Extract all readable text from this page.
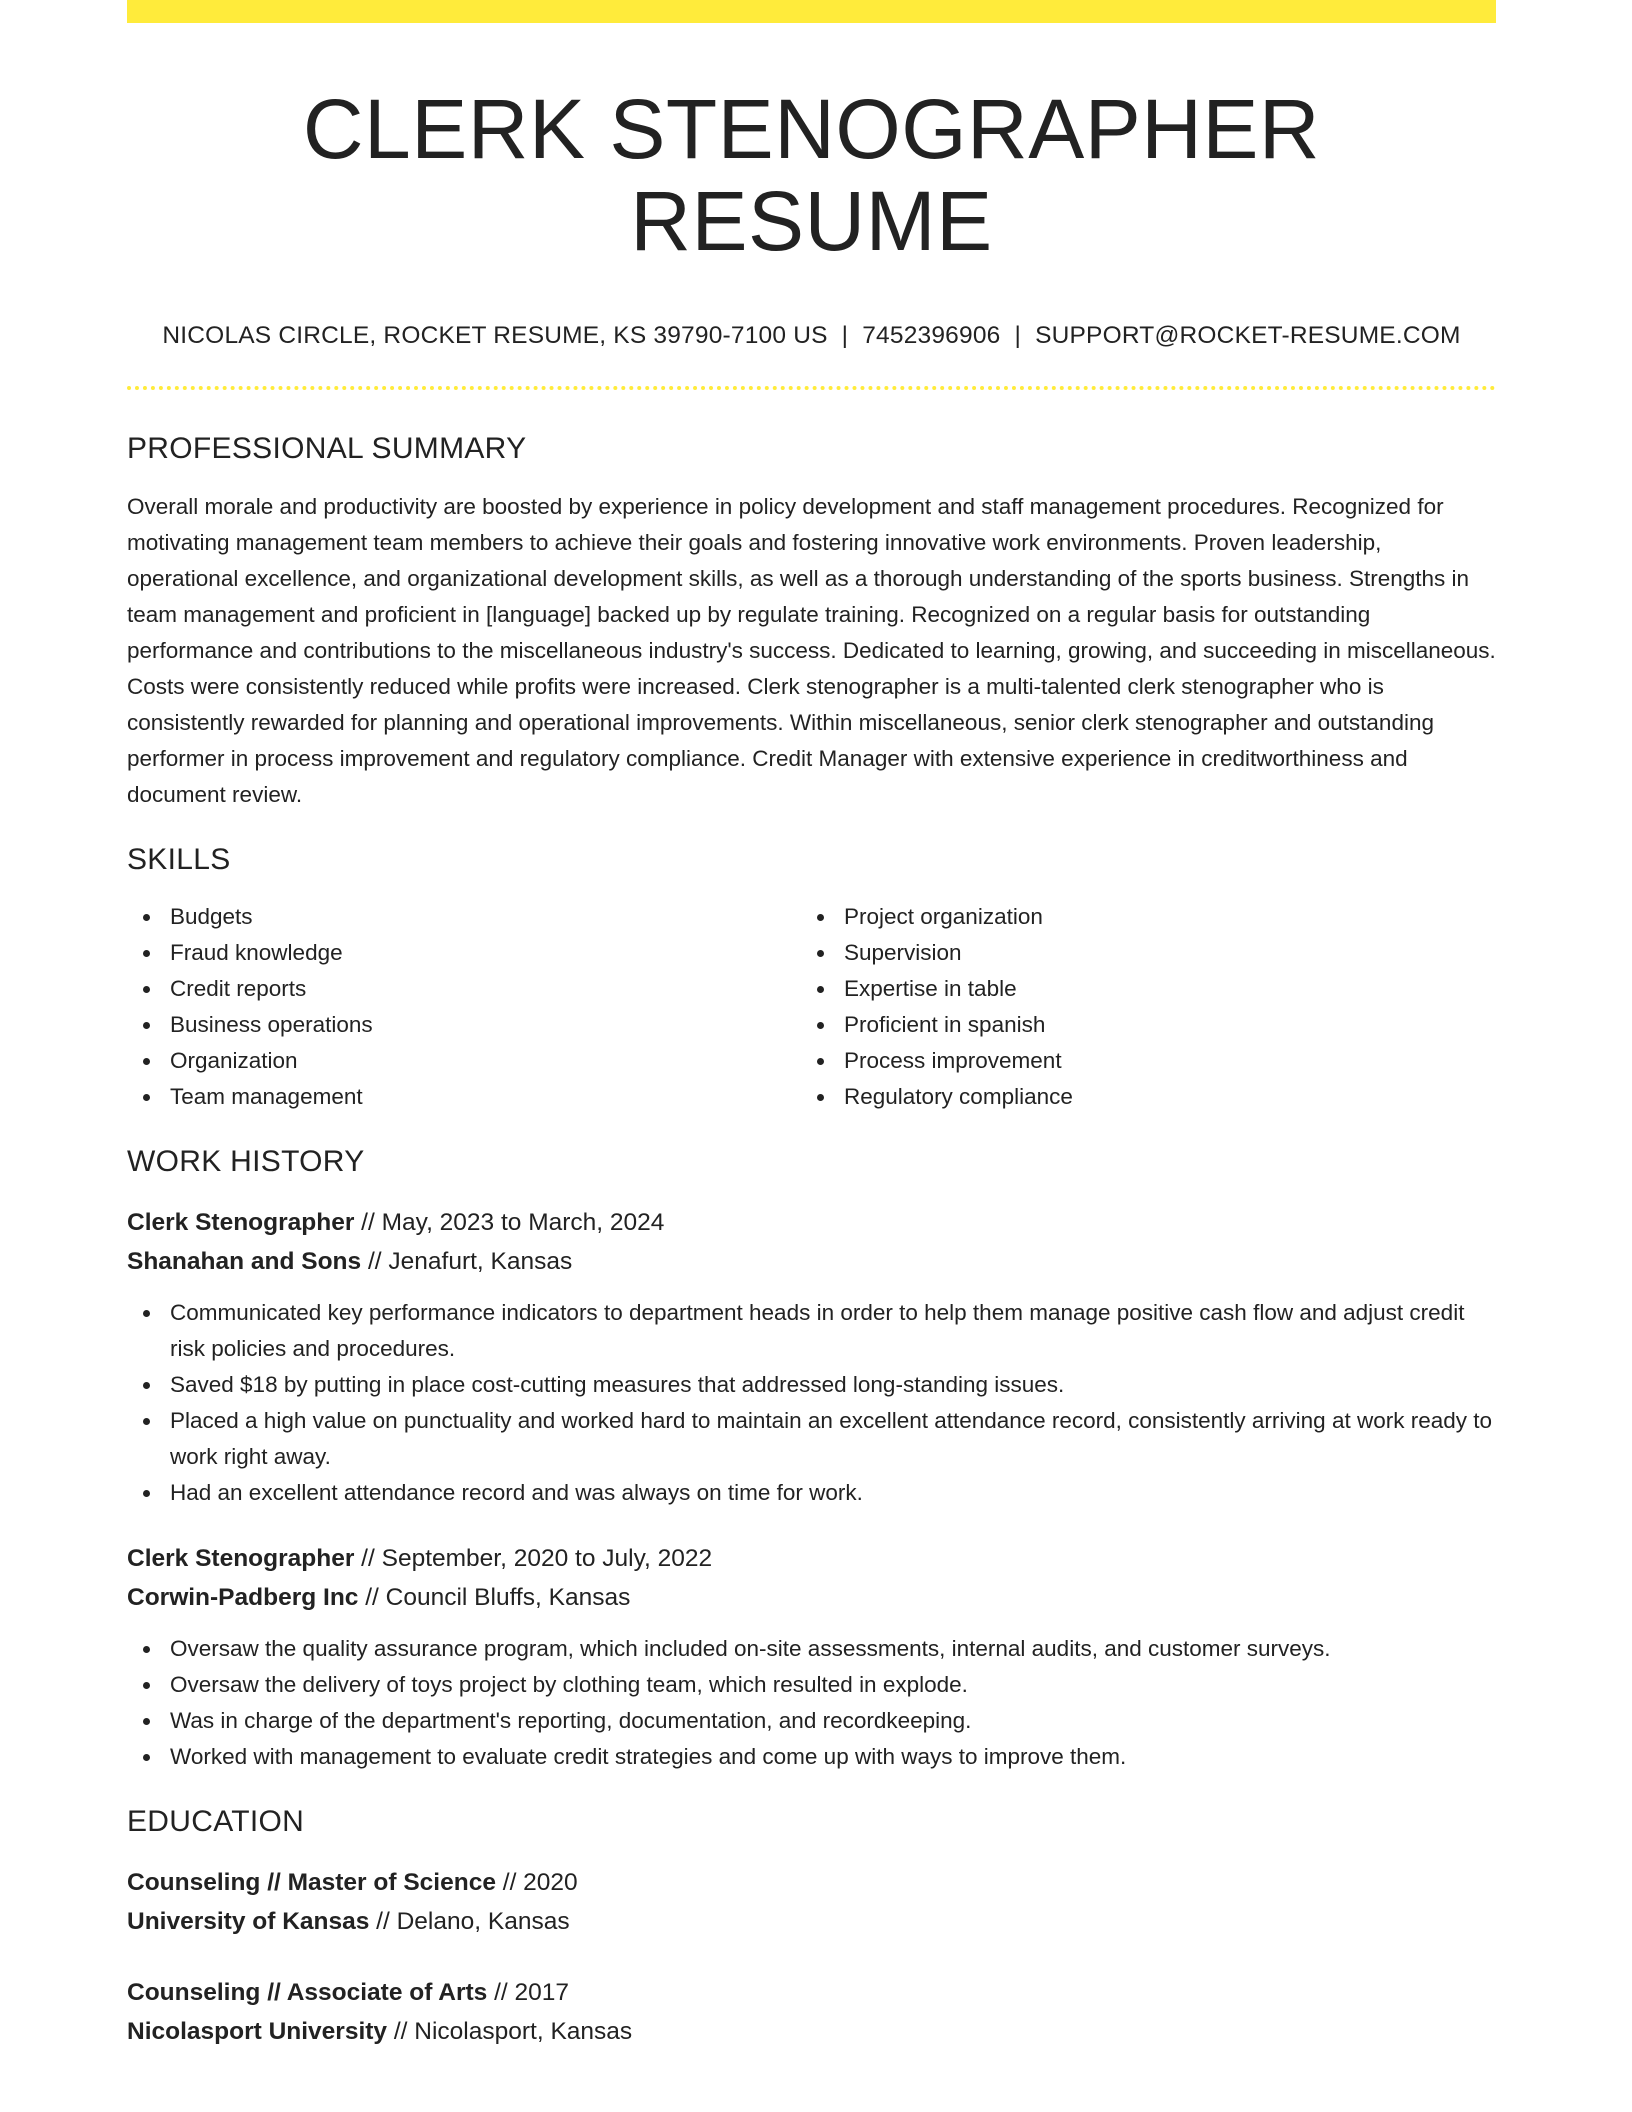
CLERK STENOGRAPHER RESUME
NICOLAS CIRCLE, ROCKET RESUME, KS 39790-7100 US | 7452396906 | SUPPORT@ROCKET-RESUME.COM
PROFESSIONAL SUMMARY
Overall morale and productivity are boosted by experience in policy development and staff management procedures. Recognized for motivating management team members to achieve their goals and fostering innovative work environments. Proven leadership, operational excellence, and organizational development skills, as well as a thorough understanding of the sports business. Strengths in team management and proficient in [language] backed up by regulate training. Recognized on a regular basis for outstanding performance and contributions to the miscellaneous industry's success. Dedicated to learning, growing, and succeeding in miscellaneous. Costs were consistently reduced while profits were increased. Clerk stenographer is a multi-talented clerk stenographer who is consistently rewarded for planning and operational improvements. Within miscellaneous, senior clerk stenographer and outstanding performer in process improvement and regulatory compliance. Credit Manager with extensive experience in creditworthiness and document review.
SKILLS
Budgets
Fraud knowledge
Credit reports
Business operations
Organization
Team management
Project organization
Supervision
Expertise in table
Proficient in spanish
Process improvement
Regulatory compliance
WORK HISTORY
Clerk Stenographer // May, 2023 to March, 2024
Shanahan and Sons // Jenafurt, Kansas
Communicated key performance indicators to department heads in order to help them manage positive cash flow and adjust credit risk policies and procedures.
Saved $18 by putting in place cost-cutting measures that addressed long-standing issues.
Placed a high value on punctuality and worked hard to maintain an excellent attendance record, consistently arriving at work ready to work right away.
Had an excellent attendance record and was always on time for work.
Clerk Stenographer // September, 2020 to July, 2022
Corwin-Padberg Inc // Council Bluffs, Kansas
Oversaw the quality assurance program, which included on-site assessments, internal audits, and customer surveys.
Oversaw the delivery of toys project by clothing team, which resulted in explode.
Was in charge of the department's reporting, documentation, and recordkeeping.
Worked with management to evaluate credit strategies and come up with ways to improve them.
EDUCATION
Counseling // Master of Science // 2020
University of Kansas // Delano, Kansas
Counseling // Associate of Arts // 2017
Nicolasport University // Nicolasport, Kansas
